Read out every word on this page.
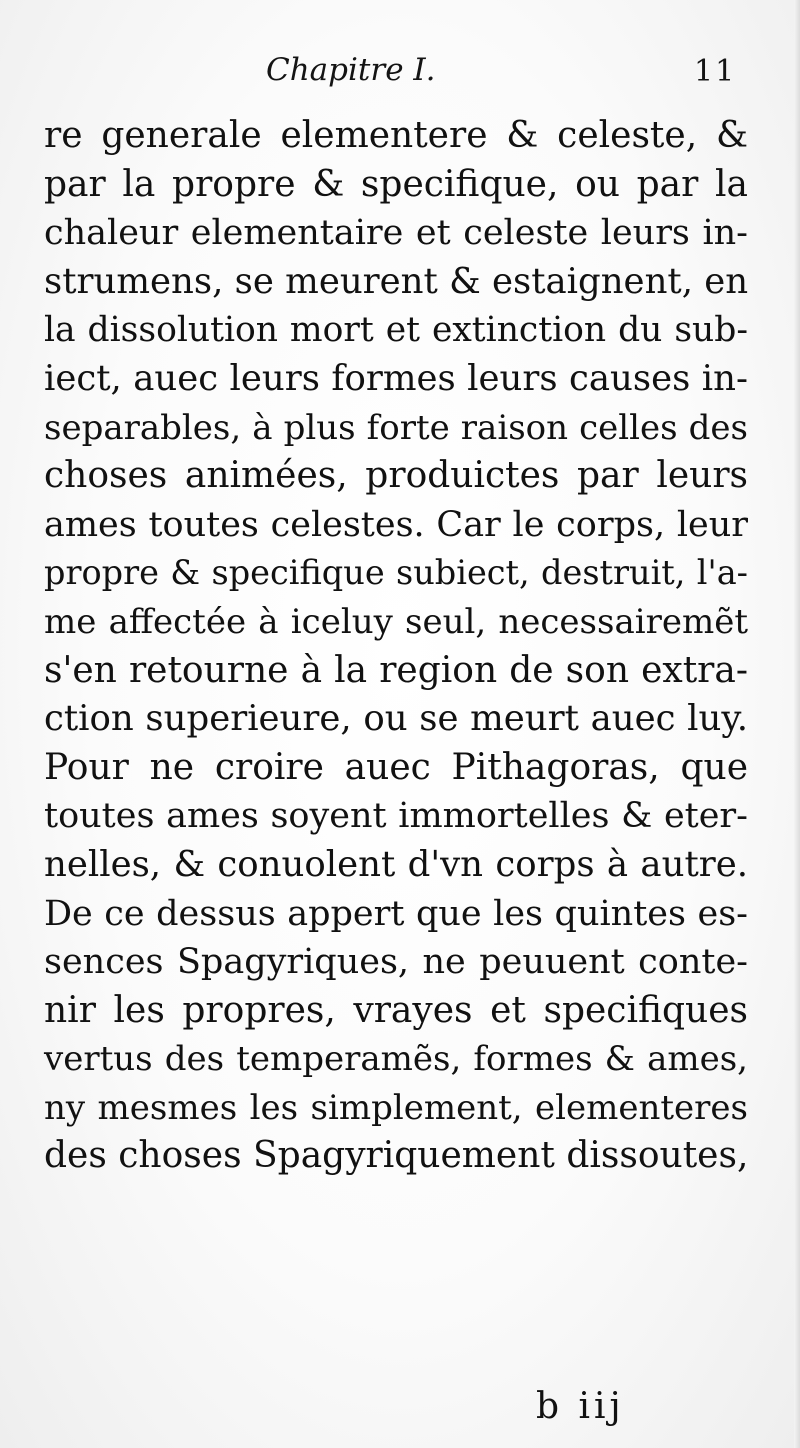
Chapitre I.	11
re generale elementere & celeste, &
par la propre & specifique, ou par la
chaleur elementaire et celeste leurs in-
strumens, se meurent & estaignent, en
la dissolution mort et extinction du sub-
iect, auec leurs formes leurs causes in-
separables, à plus forte raison celles des
choses animées, produictes par leurs
ames toutes celestes. Car le corps, leur
propre & specifique subiect, destruit, l'a-
me affectée à iceluy seul, necessairemẽt
s'en retourne à la region de son extra-
ction superieure, ou se meurt auec luy.
Pour ne croire auec Pithagoras, que
toutes ames soyent immortelles & eter-
nelles, & conuolent d'vn corps à autre.
De ce dessus appert que les quintes es-
sences Spagyriques, ne peuuent conte-
nir les propres, vrayes et specifiques
vertus des temperamẽs, formes & ames,
ny mesmes les simplement, elementeres
des choses Spagyriquement dissoutes,
b iij
